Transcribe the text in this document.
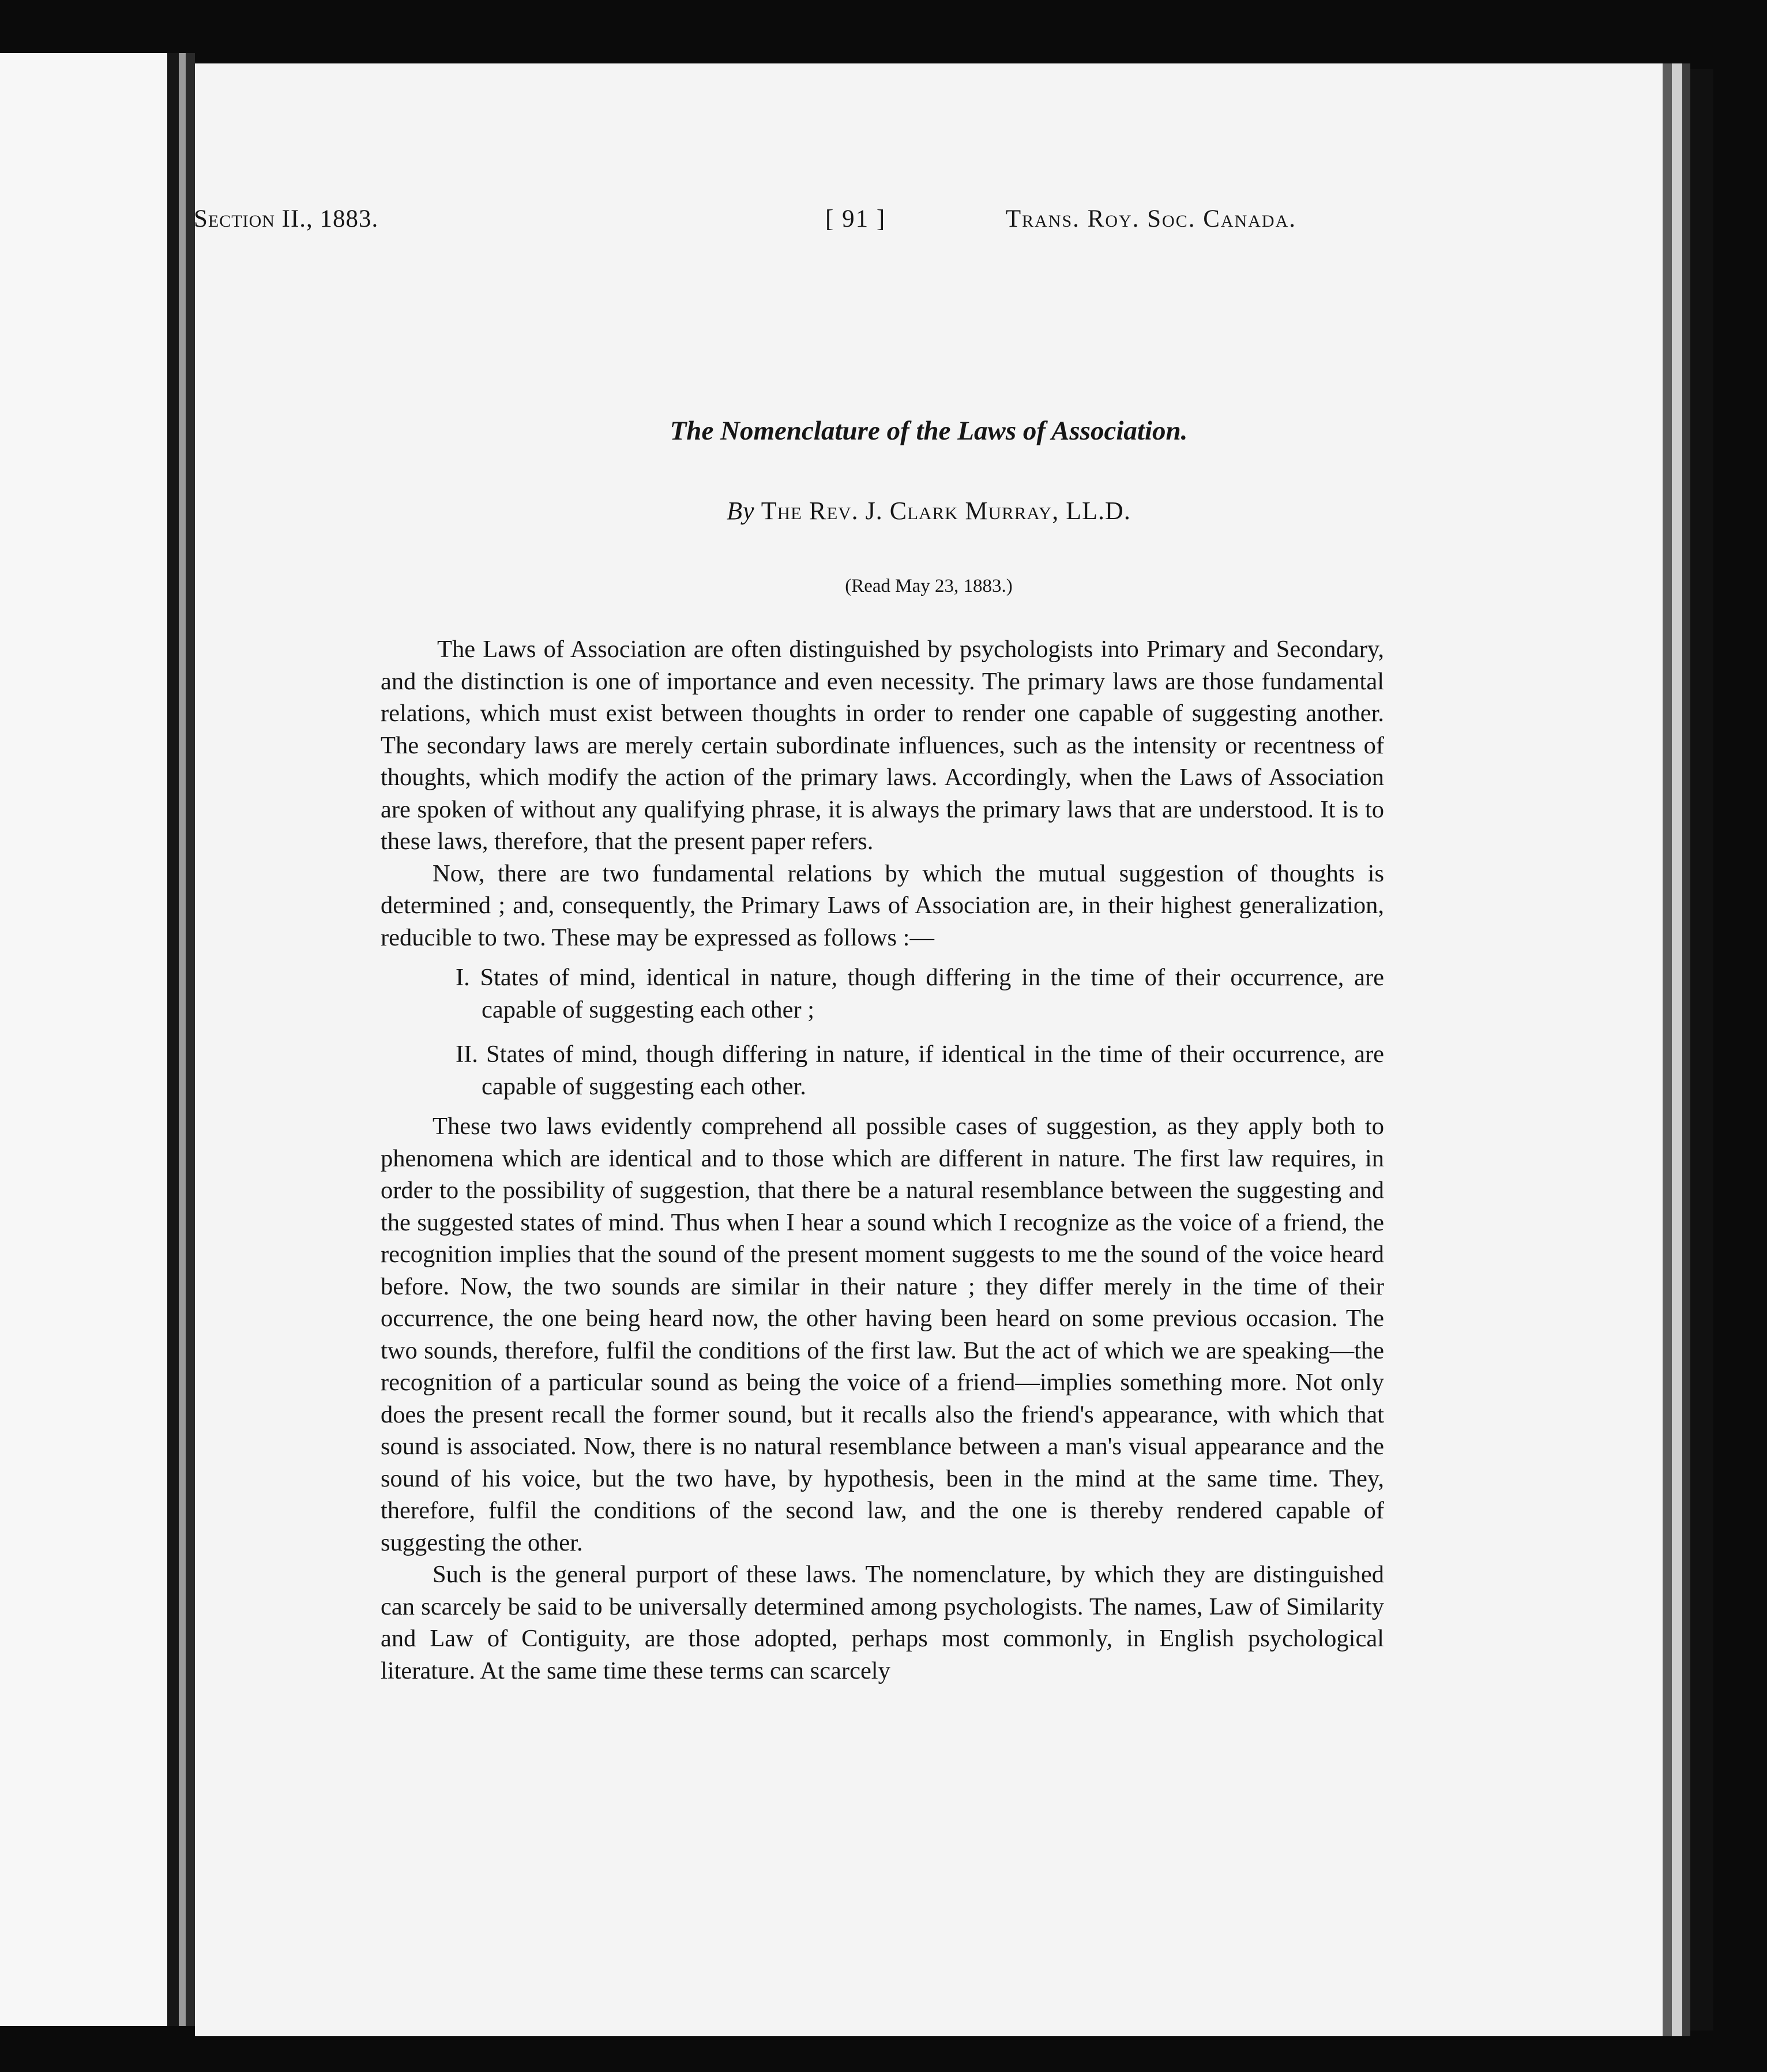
Section II., 1883.	[ 91 ]	Trans. Roy. Soc. Canada.
The Nomenclature of the Laws of Association.
By The Rev. J. Clark Murray, LL.D.
(Read May 23, 1883.)

The Laws of Association are often distinguished by psychologists into Primary and Secondary, and the distinction is one of importance and even necessity. The primary laws are those fundamental relations, which must exist between thoughts in order to render one capable of suggesting another. The secondary laws are merely certain subordinate influences, such as the intensity or recentness of thoughts, which modify the action of the primary laws. Accordingly, when the Laws of Association are spoken of without any qualifying phrase, it is always the primary laws that are understood. It is to these laws, therefore, that the present paper refers.

Now, there are two fundamental relations by which the mutual suggestion of thoughts is determined ; and, consequently, the Primary Laws of Association are, in their highest generalization, reducible to two. These may be expressed as follows :—

I. States of mind, identical in nature, though differing in the time of their occurrence, are capable of suggesting each other ;
II. States of mind, though differing in nature, if identical in the time of their occurrence, are capable of suggesting each other.

These two laws evidently comprehend all possible cases of suggestion, as they apply both to phenomena which are identical and to those which are different in nature. The first law requires, in order to the possibility of suggestion, that there be a natural resemblance between the suggesting and the suggested states of mind. Thus when I hear a sound which I recognize as the voice of a friend, the recognition implies that the sound of the present moment suggests to me the sound of the voice heard before. Now, the two sounds are similar in their nature ; they differ merely in the time of their occurrence, the one being heard now, the other having been heard on some previous occasion. The two sounds, therefore, fulfil the conditions of the first law. But the act of which we are speaking—the recognition of a particular sound as being the voice of a friend—implies something more. Not only does the present recall the former sound, but it recalls also the friend's appearance, with which that sound is associated. Now, there is no natural resemblance between a man's visual appearance and the sound of his voice, but the two have, by hypothesis, been in the mind at the same time. They, therefore, fulfil the conditions of the second law, and the one is thereby rendered capable of suggesting the other.

Such is the general purport of these laws. The nomenclature, by which they are distinguished can scarcely be said to be universally determined among psychologists. The names, Law of Similarity and Law of Contiguity, are those adopted, perhaps most commonly, in English psychological literature. At the same time these terms can scarcely
